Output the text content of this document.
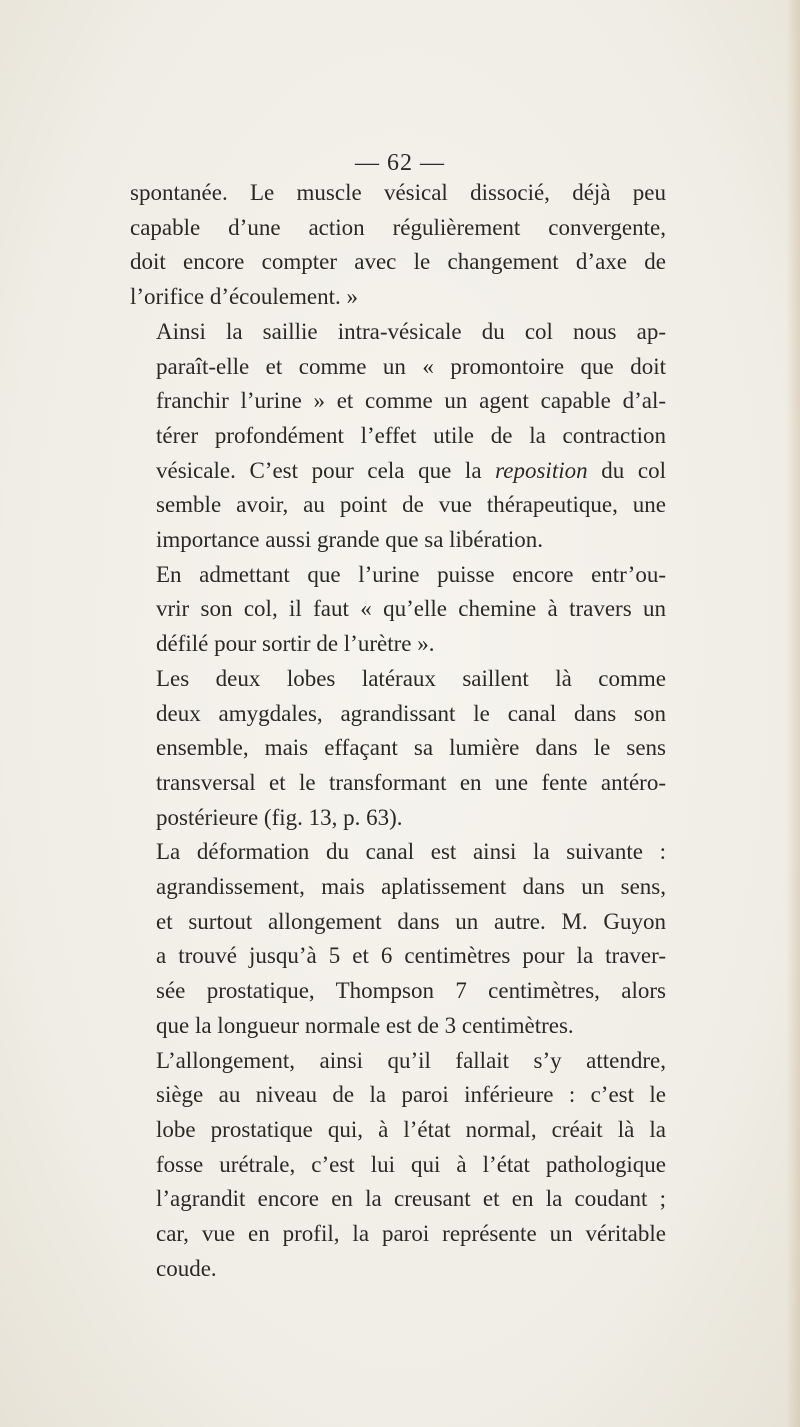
— 62 —

spontanée. Le muscle vésical dissocié, déjà peu
capable d’une action régulièrement convergente,
doit encore compter avec le changement d’axe de
l’orifice d’écoulement. »

Ainsi la saillie intra-vésicale du col nous ap-
paraît-elle et comme un « promontoire que doit
franchir l’urine » et comme un agent capable d’al-
térer profondément l’effet utile de la contraction
vésicale. C’est pour cela que la reposition du col
semble avoir, au point de vue thérapeutique, une
importance aussi grande que sa libération.

En admettant que l’urine puisse encore entr’ou-
vrir son col, il faut « qu’elle chemine à travers un
défilé pour sortir de l’urètre ».

Les deux lobes latéraux saillent là comme
deux amygdales, agrandissant le canal dans son
ensemble, mais effaçant sa lumière dans le sens
transversal et le transformant en une fente antéro-
postérieure (fig. 13, p. 63).

La déformation du canal est ainsi la suivante :
agrandissement, mais aplatissement dans un sens,
et surtout allongement dans un autre. M. Guyon
a trouvé jusqu’à 5 et 6 centimètres pour la traver-
sée prostatique, Thompson 7 centimètres, alors
que la longueur normale est de 3 centimètres.

L’allongement, ainsi qu’il fallait s’y attendre,
siège au niveau de la paroi inférieure : c’est le
lobe prostatique qui, à l’état normal, créait là la
fosse urétrale, c’est lui qui à l’état pathologique
l’agrandit encore en la creusant et en la coudant ;
car, vue en profil, la paroi représente un véritable
coude.
